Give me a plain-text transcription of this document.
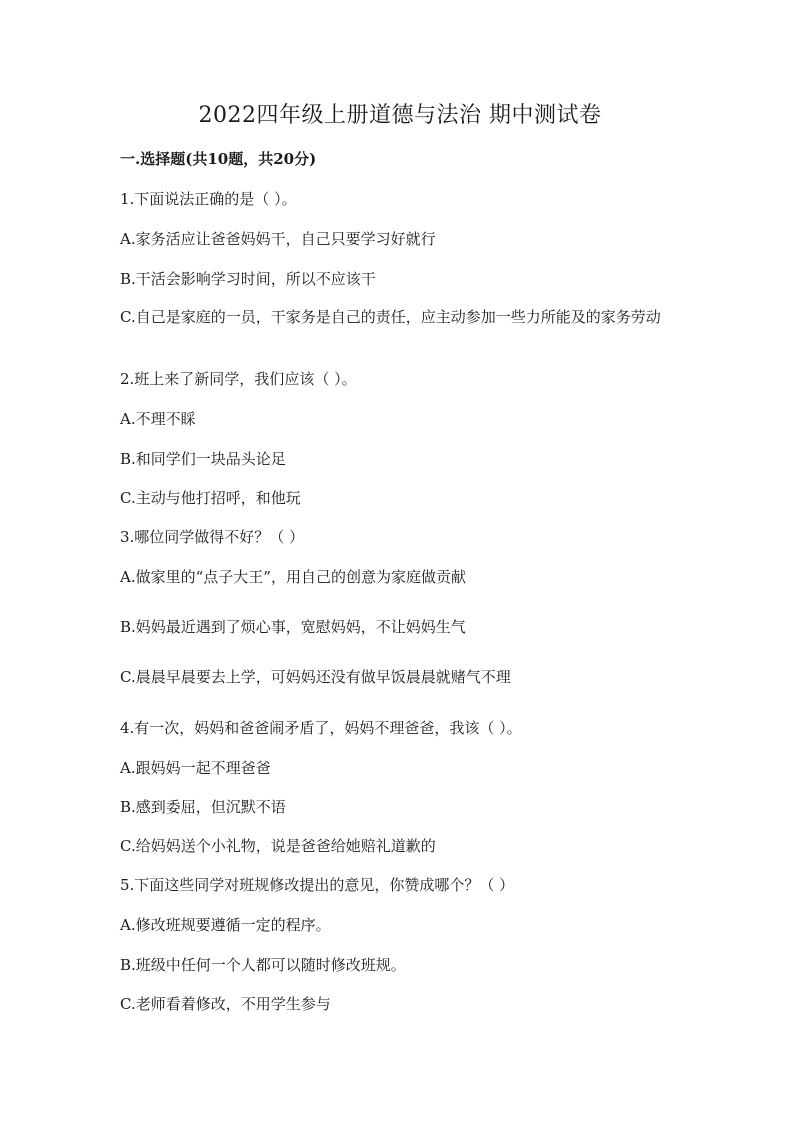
2022四年级上册道德与法治 期中测试卷
一.选择题(共10题，共20分)

1.下面说法正确的是（ ）。

A.家务活应让爸爸妈妈干，自己只要学习好就行

B.干活会影响学习时间，所以不应该干

C.自己是家庭的一员，干家务是自己的责任，应主动参加一些力所能及的家务劳动

2.班上来了新同学，我们应该（ ）。

A.不理不睬

B.和同学们一块品头论足

C.主动与他打招呼，和他玩

3.哪位同学做得不好？（ ）

A.做家里的“点子大王”，用自己的创意为家庭做贡献

B.妈妈最近遇到了烦心事，宽慰妈妈，不让妈妈生气

C.晨晨早晨要去上学，可妈妈还没有做早饭晨晨就赌气不理

4.有一次，妈妈和爸爸闹矛盾了，妈妈不理爸爸，我该（ ）。

A.跟妈妈一起不理爸爸

B.感到委屈，但沉默不语

C.给妈妈送个小礼物，说是爸爸给她赔礼道歉的

5.下面这些同学对班规修改提出的意见，你赞成哪个？（ ）

A.修改班规要遵循一定的程序。

B.班级中任何一个人都可以随时修改班规。

C.老师看着修改，不用学生参与
